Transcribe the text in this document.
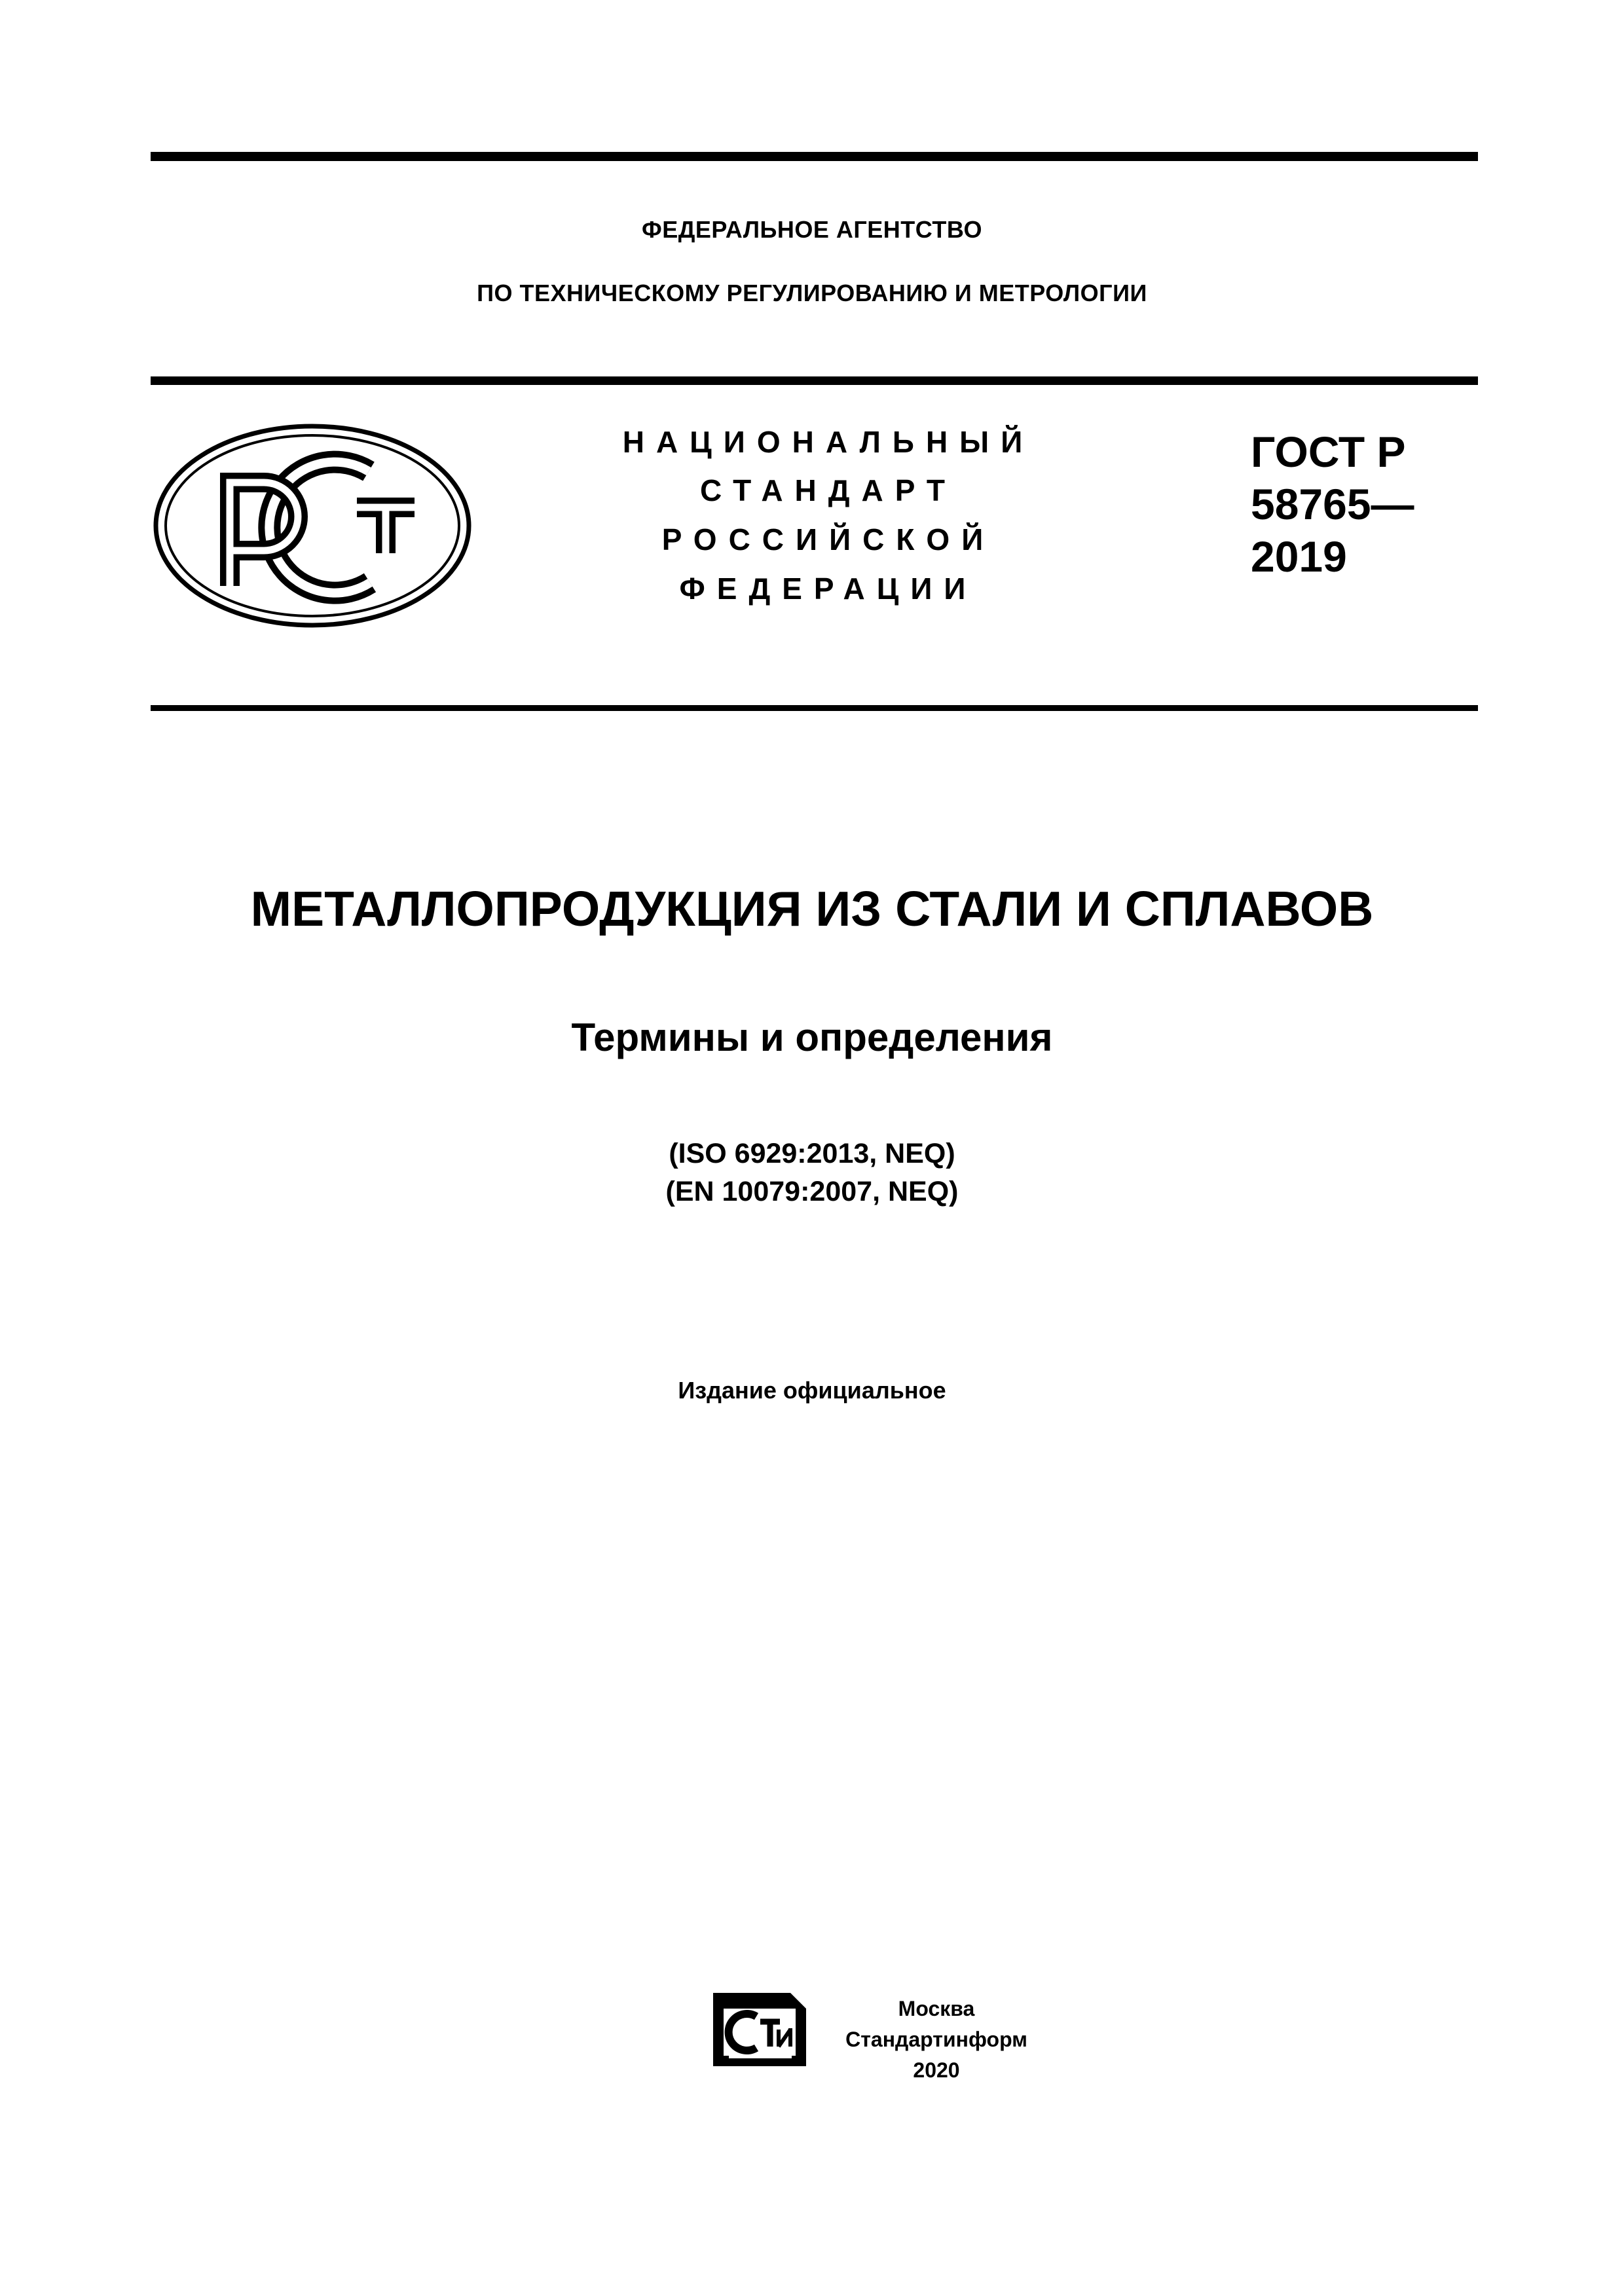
ФЕДЕРАЛЬНОЕ АГЕНТСТВО
ПО ТЕХНИЧЕСКОМУ РЕГУЛИРОВАНИЮ И МЕТРОЛОГИИ
НАЦИОНАЛЬНЫЙ
СТАНДАРТ
РОССИЙСКОЙ
ФЕДЕРАЦИИ
ГОСТ Р
58765—
2019
МЕТАЛЛОПРОДУКЦИЯ ИЗ СТАЛИ И СПЛАВОВ
Термины и определения
(ISO 6929:2013, NEQ)
(EN 10079:2007, NEQ)
Издание официальное
Москва
Стандартинформ
2020
